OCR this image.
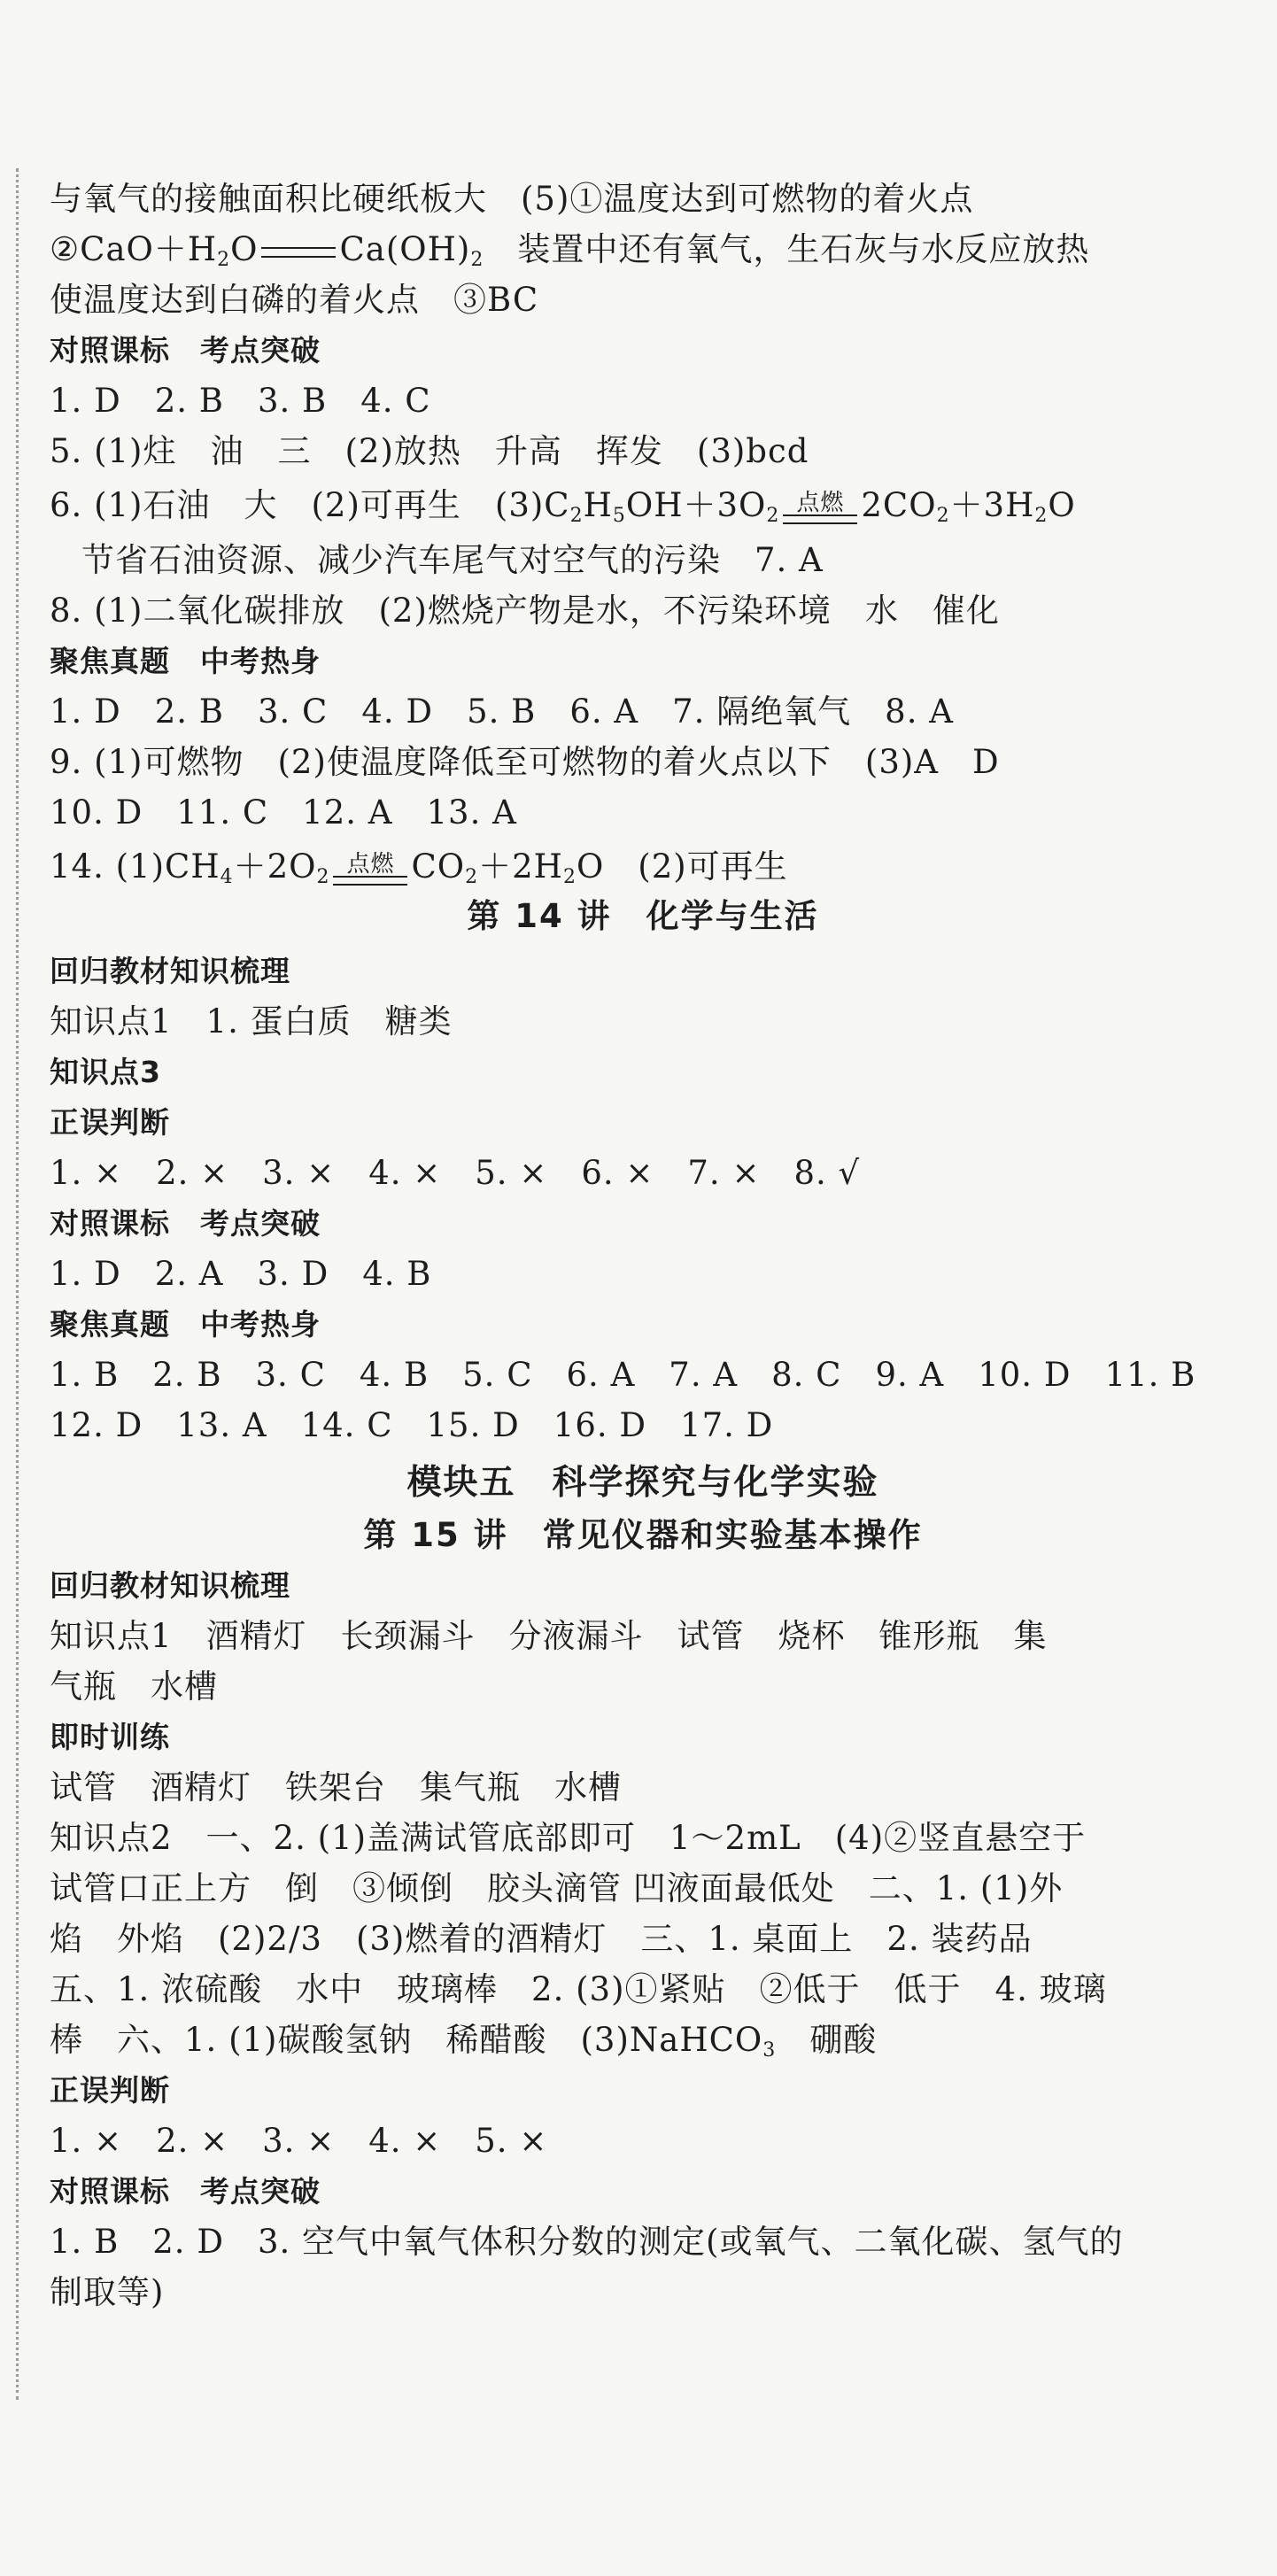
与氧气的接触面积比硬纸板大　(5)①温度达到可燃物的着火点
$②CaO+H_2O$ $Ca(OH)_2$　装置中还有氧气，生石灰与水反应放热
使温度达到白磷的着火点　③BC
对照课标　考点突破
1. D　2. B　3. B　4. C
5. (1)炷　油　三　(2)放热　升高　挥发　(3)bcd
6. (1)石油　大　(2)可再生　$(3)C_2H_5OH+3O_2$ 点燃 $2CO_2+3H_2O$
节省石油资源、减少汽车尾气对空气的污染　7. A
8. (1)二氧化碳排放　(2)燃烧产物是水，不污染环境　水　催化
聚焦真题　中考热身
1. D　2. B　3. C　4. D　5. B　6. A　7. 隔绝氧气　8. A
9. (1)可燃物　(2)使温度降低至可燃物的着火点以下　(3)A　D
10. D　11. C　12. A　13. A
14. $(1)CH_4+2O_2$ 点燃 $CO_2+2H_2O$　(2)可再生
第 14 讲　化学与生活
回归教材知识梳理
知识点1　1. 蛋白质　糖类
知识点3
正误判断
1. ×　2. ×　3. ×　4. ×　5. ×　6. ×　7. ×　8. √
对照课标　考点突破
1. D　2. A　3. D　4. B
聚焦真题　中考热身
1. B　2. B　3. C　4. B　5. C　6. A　7. A　8. C　9. A　10. D　11. B
12. D　13. A　14. C　15. D　16. D　17. D
模块五　科学探究与化学实验
第 15 讲　常见仪器和实验基本操作
回归教材知识梳理
知识点1　酒精灯　长颈漏斗　分液漏斗　试管　烧杯　锥形瓶　集
气瓶　水槽
即时训练
试管　酒精灯　铁架台　集气瓶　水槽
知识点2　一、2. (1)盖满试管底部即可　1～2mL　(4)②竖直悬空于
试管口正上方　倒　③倾倒　胶头滴管 凹液面最低处　二、1. (1)外
焰　外焰　(2)2/3　(3)燃着的酒精灯　三、1. 桌面上　2. 装药品
五、1. 浓硫酸　水中　玻璃棒　2. (3)①紧贴　②低于　低于　4. 玻璃
棒　六、1. (1)碳酸氢钠　稀醋酸　(3)NaHCO$_3$　硼酸
正误判断
1. ×　2. ×　3. ×　4. ×　5. ×
对照课标　考点突破
1. B　2. D　3. 空气中氧气体积分数的测定(或氧气、二氧化碳、氢气的
制取等)
